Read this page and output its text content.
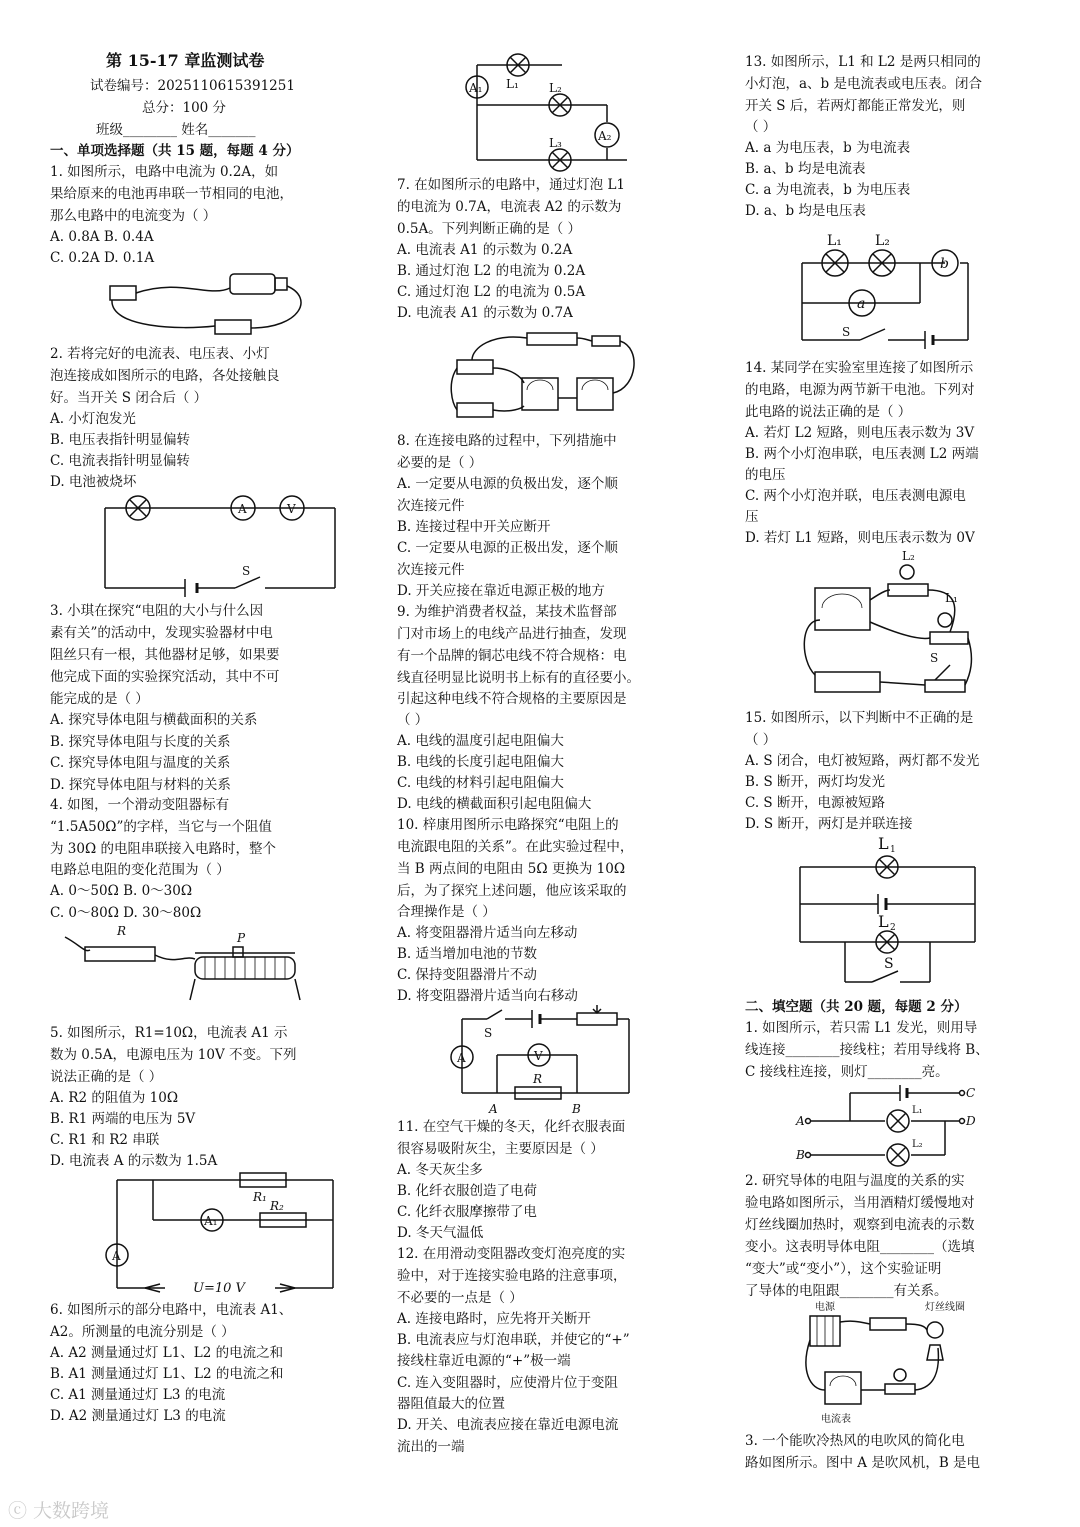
第 15-17 章监测试卷
试卷编号：2025110615391251
总分：100 分
班级________ 姓名_______
一、单项选择题（共 15 题，每题 4 分）
1. 如图所示，电路中电流为 0.2A，如
果给原来的电池再串联一节相同的电池，
那么电路中的电流变为（ ）
A. 0.8A B. 0.4A
C. 0.2A D. 0.1A
2. 若将完好的电流表、电压表、小灯
泡连接成如图所示的电路，各处接触良
好。当开关 S 闭合后（ ）
A. 小灯泡发光
B. 电压表指针明显偏转
C. 电流表指针明显偏转
D. 电池被烧坏
S
A	V
3. 小琪在探究“电阻的大小与什么因
素有关”的活动中，发现实验器材中电
阻丝只有一根，其他器材足够，如果要
他完成下面的实验探究活动，其中不可
能完成的是（ ）
A. 探究导体电阻与横截面积的关系
B. 探究导体电阻与长度的关系
C. 探究导体电阻与温度的关系
D. 探究导体电阻与材料的关系
4. 如图，一个滑动变阻器标有
“1.5A50Ω”的字样，当它与一个阻值
为 30Ω 的电阻串联接入电路时，整个
电路总电阻的变化范围为（ ）
A. 0～50Ω B. 0～30Ω
C. 0～80Ω D. 30～80Ω
R	P
5. 如图所示，R1=10Ω，电流表 A1 示
数为 0.5A，电源电压为 10V 不变。下列
说法正确的是（ ）
A. R2 的阻值为 10Ω
B. R1 两端的电压为 5V
C. R1 和 R2 串联
D. 电流表 A 的示数为 1.5A
R₁
R₂
A₁
A
U=10 V
6. 如图所示的部分电路中，电流表 A1、
A2。所测量的电流分别是（ ）
A. A2 测量通过灯 L1、L2 的电流之和
B. A1 测量通过灯 L1、L2 的电流之和
C. A1 测量通过灯 L3 的电流
D. A2 测量通过灯 L3 的电流
A₁ L₁	L₂
L₃	A₂
7. 在如图所示的电路中，通过灯泡 L1
的电流为 0.7A，电流表 A2 的示数为
0.5A。下列判断正确的是（ ）
A. 电流表 A1 的示数为 0.2A
B. 通过灯泡 L2 的电流为 0.2A
C. 通过灯泡 L2 的电流为 0.5A
D. 电流表 A1 的示数为 0.7A
8. 在连接电路的过程中，下列措施中
必要的是（ ）
A. 一定要从电源的负极出发，逐个顺
次连接元件
B. 连接过程中开关应断开
C. 一定要从电源的正极出发，逐个顺
次连接元件
D. 开关应接在靠近电源正极的地方
9. 为维护消费者权益，某技术监督部
门对市场上的电线产品进行抽查，发现
有一个品牌的铜芯电线不符合规格：电
线直径明显比说明书上标有的直径要小。
引起这种电线不符合规格的主要原因是
（ ）
A. 电线的温度引起电阻偏大
B. 电线的长度引起电阻偏大
C. 电线的材料引起电阻偏大
D. 电线的横截面积引起电阻偏大
10. 梓康用图所示电路探究“电阻上的
电流跟电阻的关系”。在此实验过程中，
当 B 两点间的电阻由 5Ω 更换为 10Ω
后，为了探究上述问题，他应该采取的
合理操作是（ ）
A. 将变阻器滑片适当向左移动
B. 适当增加电池的节数
C. 保持变阻器滑片不动
D. 将变阻器滑片适当向右移动
S
A	V
R
A	B
11. 在空气干燥的冬天，化纤衣服表面
很容易吸附灰尘，主要原因是（ ）
A. 冬天灰尘多
B. 化纤衣服创造了电荷
C. 化纤衣服摩擦带了电
D. 冬天气温低
12. 在用滑动变阻器改变灯泡亮度的实
验中，对于连接实验电路的注意事项，
不必要的一点是（ ）
A. 连接电路时，应先将开关断开
B. 电流表应与灯泡串联，并使它的“+”
接线柱靠近电源的“+”极一端
C. 连入变阻器时，应使滑片位于变阻
器阻值最大的位置
D. 开关、电流表应接在靠近电源电流
流出的一端
13. 如图所示，L1 和 L2 是两只相同的
小灯泡，a、b 是电流表或电压表。闭合
开关 S 后，若两灯都能正常发光，则
（ ）
A. a 为电压表，b 为电流表
B. a、b 均是电流表
C. a 为电流表，b 为电压表
D. a、b 均是电压表
S
L₁ L₂
b
a
14. 某同学在实验室里连接了如图所示
的电路，电源为两节新干电池。下列对
此电路的说法正确的是（ ）
A. 若灯 L2 短路，则电压表示数为 3V
B. 两个小灯泡串联，电压表测 L2 两端
的电压
C. 两个小灯泡并联，电压表测电源电
压
D. 若灯 L1 短路，则电压表示数为 0V
L₂
L₁
S
15. 如图所示，以下判断中不正确的是
（ ）
A. S 闭合，电灯被短路，两灯都不发光
B. S 断开，两灯均发光
C. S 断开，电源被短路
D. S 断开，两灯是并联连接
S
L 1
L 2
二、填空题（共 20 题，每题 2 分）
1. 如图所示，若只需 L1 发光，则用导
线连接________接线柱；若用导线将 B、
C 接线柱连接，则灯________亮。
C
A	D
L₁
B
L₂
2. 研究导体的电阻与温度的关系的实
验电路如图所示，当用酒精灯缓慢地对
灯丝线圈加热时，观察到电流表的示数
变小。这表明导体电阻________（选填
“变大”或“变小”），这个实验证明
了导体的电阻跟________有关系。
电源	灯丝线圈
电流表
3. 一个能吹冷热风的电吹风的简化电
路如图所示。图中 A 是吹风机，B 是电
ⓒ 大数跨境
